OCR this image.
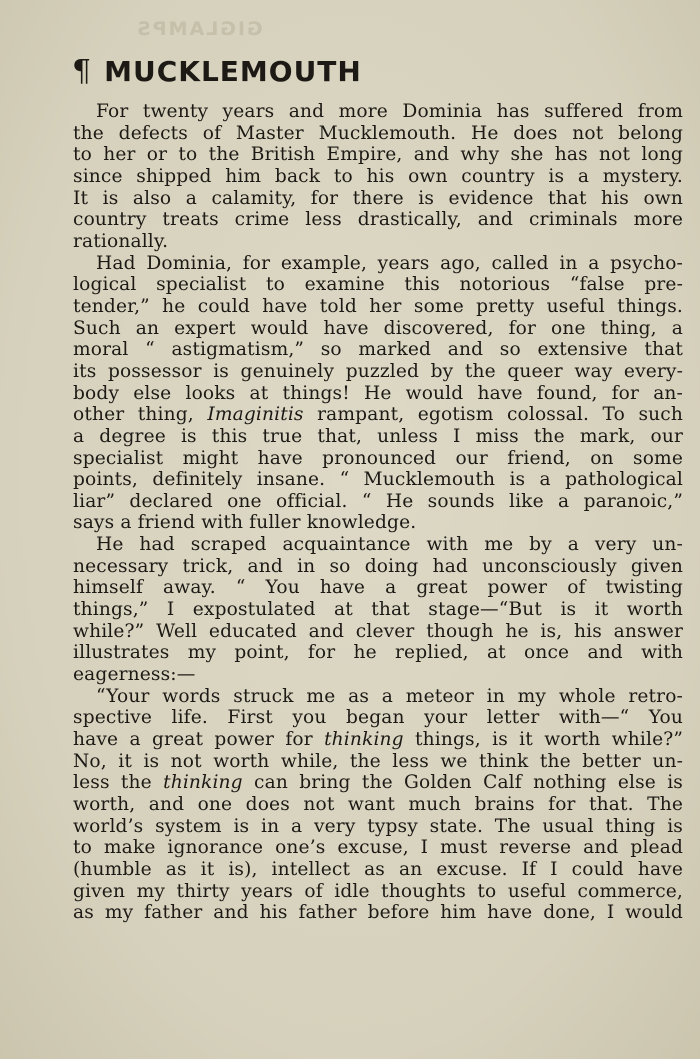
GIGLAMPS
¶ MUCKLEMOUTH
For twenty years and more Dominia has suffered from
the defects of Master Mucklemouth. He does not belong
to her or to the British Empire, and why she has not long
since shipped him back to his own country is a mystery.
It is also a calamity, for there is evidence that his own
country treats crime less drastically, and criminals more
rationally.
Had Dominia, for example, years ago, called in a psycho-
logical specialist to examine this notorious “false pre-
tender,” he could have told her some pretty useful things.
Such an expert would have discovered, for one thing, a
moral “ astigmatism,” so marked and so extensive that
its possessor is genuinely puzzled by the queer way every-
body else looks at things! He would have found, for an-
other thing, Imaginitis rampant, egotism colossal. To such
a degree is this true that, unless I miss the mark, our
specialist might have pronounced our friend, on some
points, definitely insane. “ Mucklemouth is a pathological
liar” declared one official. “ He sounds like a paranoic,”
says a friend with fuller knowledge.
He had scraped acquaintance with me by a very un-
necessary trick, and in so doing had unconsciously given
himself away. “ You have a great power of twisting
things,” I expostulated at that stage—“But is it worth
while?” Well educated and clever though he is, his answer
illustrates my point, for he replied, at once and with
eagerness:—
“Your words struck me as a meteor in my whole retro-
spective life. First you began your letter with—“ You
have a great power for thinking things, is it worth while?”
No, it is not worth while, the less we think the better un-
less the thinking can bring the Golden Calf nothing else is
worth, and one does not want much brains for that. The
world’s system is in a very typsy state. The usual thing is
to make ignorance one’s excuse, I must reverse and plead
(humble as it is), intellect as an excuse. If I could have
given my thirty years of idle thoughts to useful commerce,
as my father and his father before him have done, I would
